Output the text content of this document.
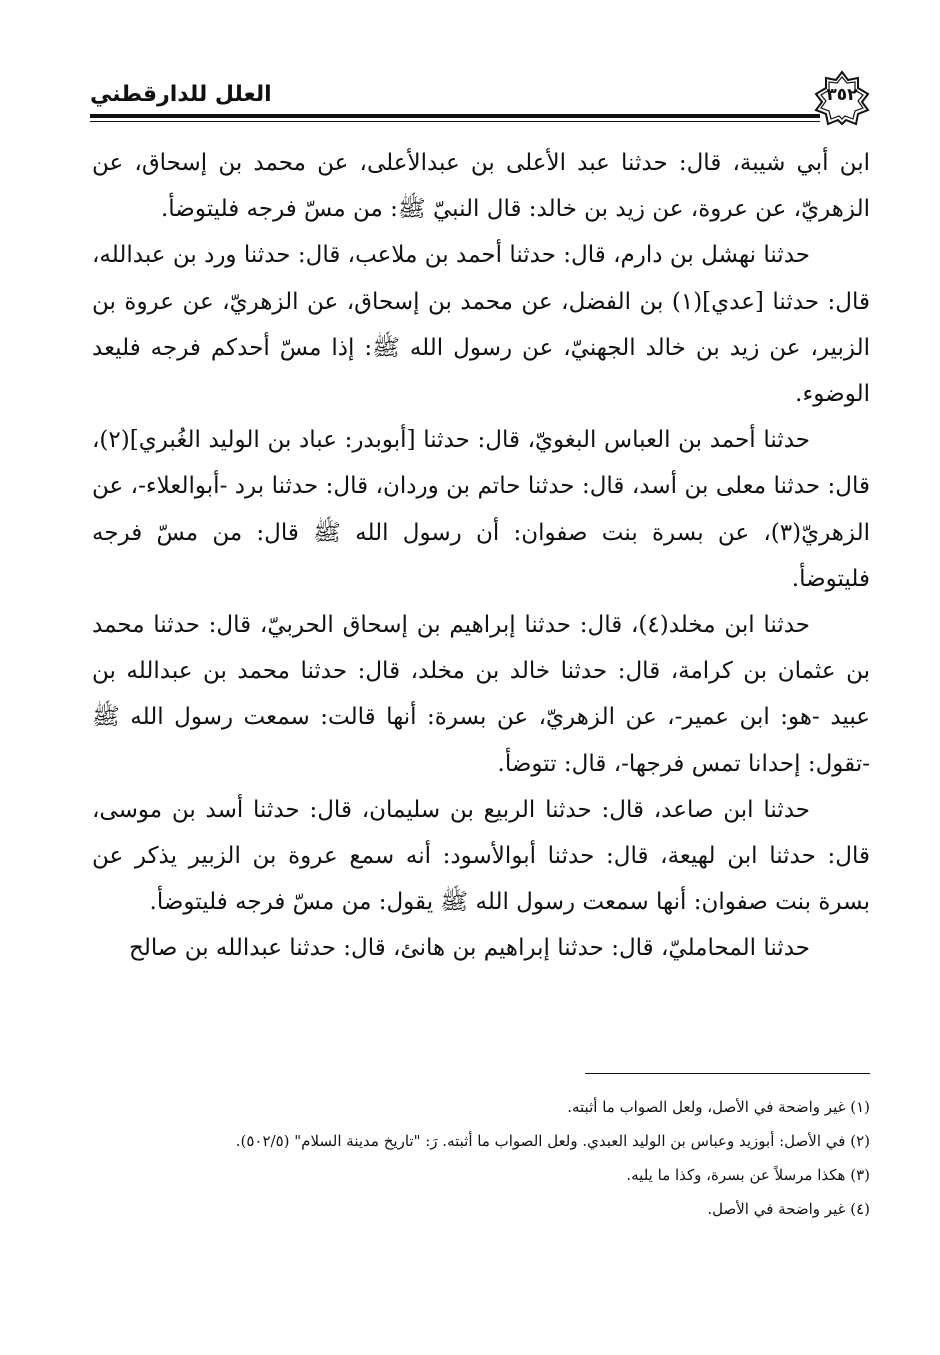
العلل للدارقطني	٣٥٢

ابن أبي شيبة، قال: حدثنا عبد الأعلى بن عبدالأعلى، عن محمد بن إسحاق، عن الزهريّ، عن عروة، عن زيد بن خالد: قال النبيّ ﷺ: من مسّ فرجه فليتوضأ.

حدثنا نهشل بن دارم، قال: حدثنا أحمد بن ملاعب، قال: حدثنا ورد بن عبدالله، قال: حدثنا [عدي](١) بن الفضل، عن محمد بن إسحاق، عن الزهريّ، عن عروة بن الزبير، عن زيد بن خالد الجهنيّ، عن رسول الله ﷺ: إذا مسّ أحدكم فرجه فليعد الوضوء.

حدثنا أحمد بن العباس البغويّ، قال: حدثنا [أبوبدر: عباد بن الوليد الغُبري](٢)، قال: حدثنا معلى بن أسد، قال: حدثنا حاتم بن وردان، قال: حدثنا برد -أبوالعلاء-، عن الزهريّ(٣)، عن بسرة بنت صفوان: أن رسول الله ﷺ قال: من مسّ فرجه فليتوضأ.

حدثنا ابن مخلد(٤)، قال: حدثنا إبراهيم بن إسحاق الحربيّ، قال: حدثنا محمد بن عثمان بن كرامة، قال: حدثنا خالد بن مخلد، قال: حدثنا محمد بن عبدالله بن عبيد -هو: ابن عمير-، عن الزهريّ، عن بسرة: أنها قالت: سمعت رسول الله ﷺ -تقول: إحدانا تمس فرجها-، قال: تتوضأ.

حدثنا ابن صاعد، قال: حدثنا الربيع بن سليمان، قال: حدثنا أسد بن موسى، قال: حدثنا ابن لهيعة، قال: حدثنا أبوالأسود: أنه سمع عروة بن الزبير يذكر عن بسرة بنت صفوان: أنها سمعت رسول الله ﷺ يقول: من مسّ فرجه فليتوضأ.

حدثنا المحامليّ، قال: حدثنا إبراهيم بن هانئ، قال: حدثنا عبدالله بن صالح

(١) غير واضحة في الأصل، ولعل الصواب ما أثبته.
(٢) في الأصل: أبوزيد وعباس بن الوليد العبدي. ولعل الصواب ما أثبته. رَ: "تاريخ مدينة السلام" (٥٠٢/٥).
(٣) هكذا مرسلاً عن بسرة، وكذا ما يليه.
(٤) غير واضحة في الأصل.
